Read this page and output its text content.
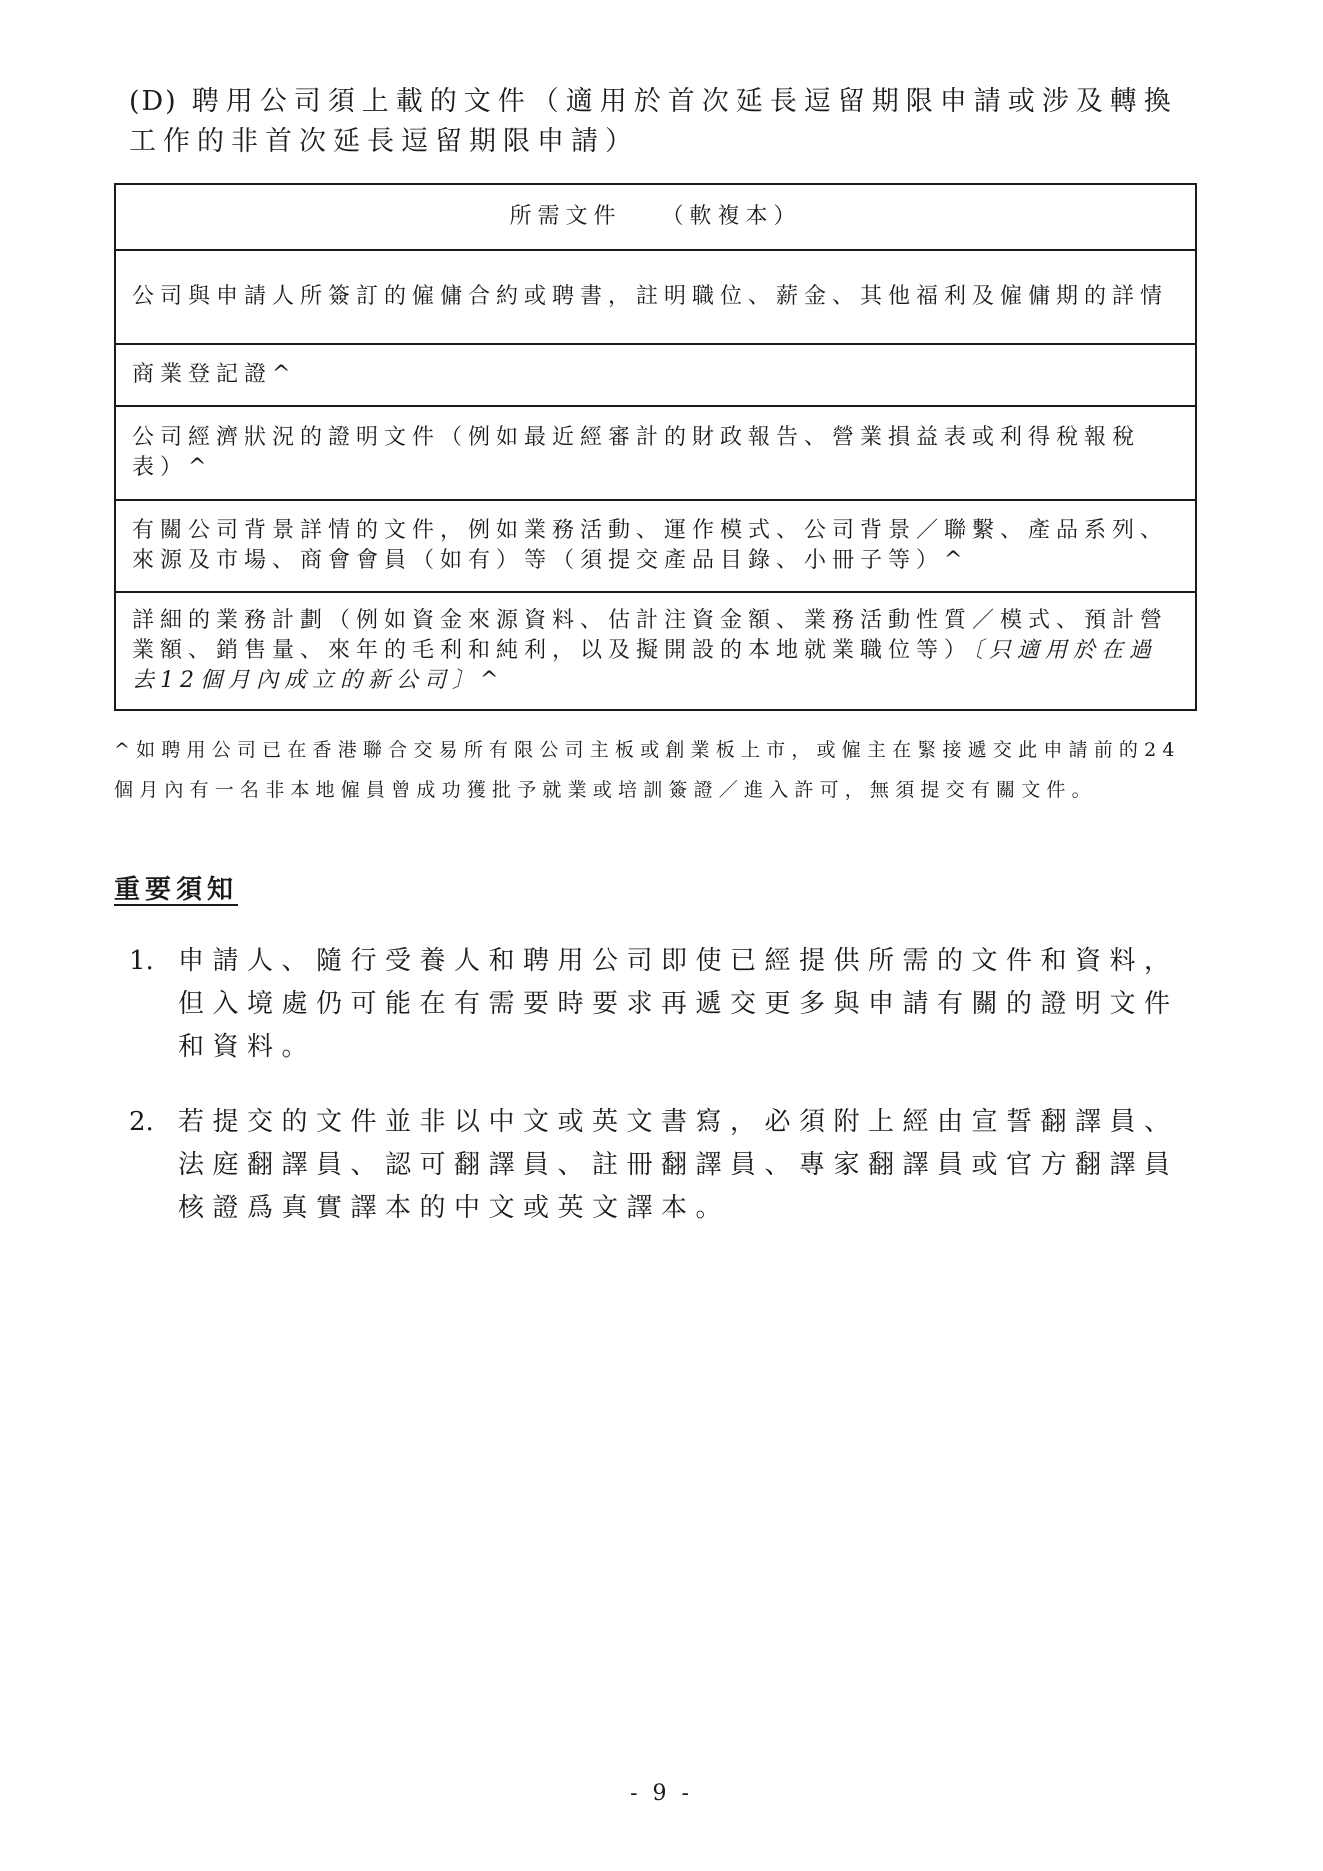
(D) 聘用公司須上載的文件（適用於首次延長逗留期限申請或涉及轉換工作的非首次延長逗留期限申請）
所需文件 （軟複本）
公司與申請人所簽訂的僱傭合約或聘書，註明職位、薪金、其他福利及僱傭期的詳情
商業登記證^
公司經濟狀況的證明文件（例如最近經審計的財政報告、營業損益表或利得稅報稅表）^
有關公司背景詳情的文件，例如業務活動、運作模式、公司背景／聯繫、產品系列、來源及市場、商會會員（如有）等（須提交產品目錄、小冊子等）^
詳細的業務計劃（例如資金來源資料、估計注資金額、業務活動性質／模式、預計營業額、銷售量、來年的毛利和純利，以及擬開設的本地就業職位等）〔只適用於在過去12個月內成立的新公司〕^
^如聘用公司已在香港聯合交易所有限公司主板或創業板上市，或僱主在緊接遞交此申請前的24個月內有一名非本地僱員曾成功獲批予就業或培訓簽證／進入許可，無須提交有關文件。
重要須知
1. 申請人、隨行受養人和聘用公司即使已經提供所需的文件和資料，但入境處仍可能在有需要時要求再遞交更多與申請有關的證明文件和資料。
2. 若提交的文件並非以中文或英文書寫，必須附上經由宣誓翻譯員、法庭翻譯員、認可翻譯員、註冊翻譯員、專家翻譯員或官方翻譯員核證爲真實譯本的中文或英文譯本。
- 9 -
